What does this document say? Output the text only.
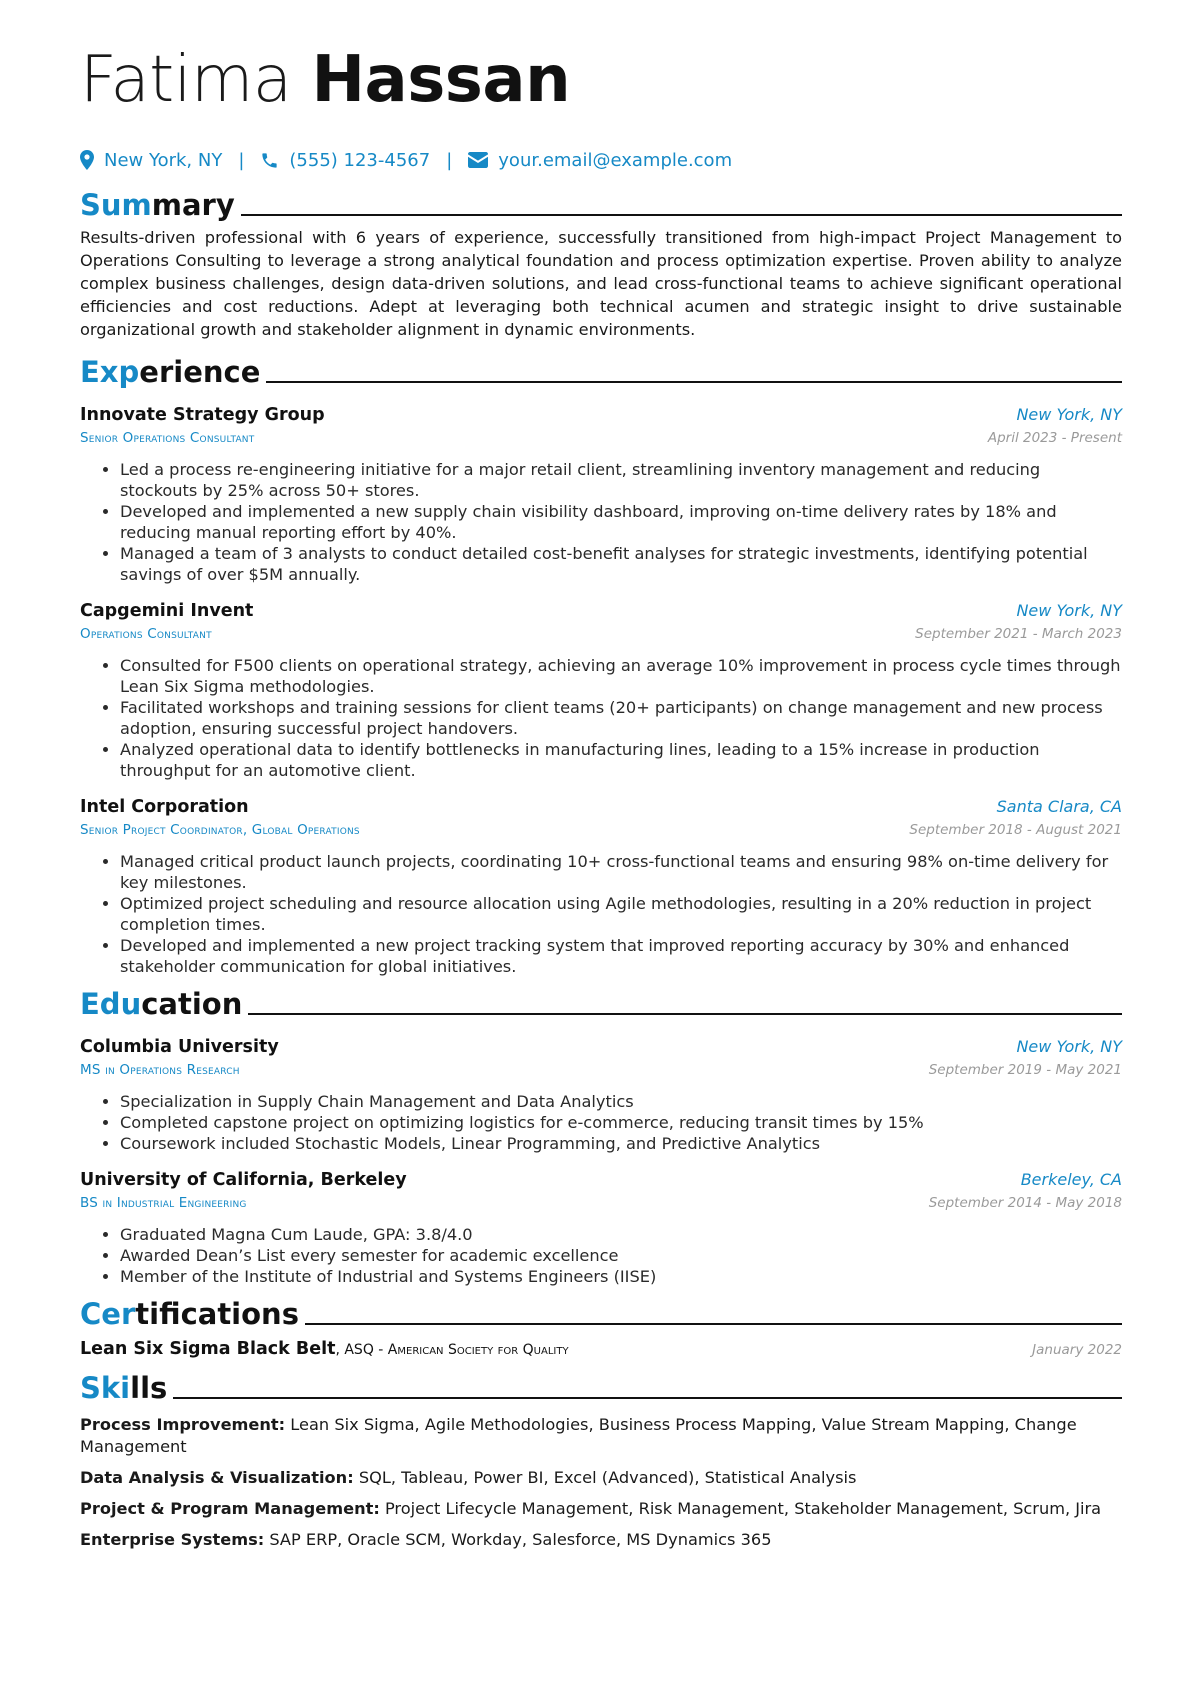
Fatima Hassan
New York, NY |	(555) 123-4567 |	your.email@example.com
Summary
Results-driven professional with 6 years of experience, successfully transitioned from high-impact Project Management to Operations Consulting to leverage a strong analytical foundation and process optimization expertise. Proven ability to analyze complex business challenges, design data-driven solutions, and lead cross-functional teams to achieve significant operational efficiencies and cost reductions. Adept at leveraging both technical acumen and strategic insight to drive sustainable organizational growth and stakeholder alignment in dynamic environments.
Experience
Innovate Strategy Group	New York, NY
Senior Operations Consultant	April 2023 - Present
• Led a process re-engineering initiative for a major retail client, streamlining inventory management and reducing stockouts by 25% across 50+ stores.
• Developed and implemented a new supply chain visibility dashboard, improving on-time delivery rates by 18% and reducing manual reporting effort by 40%.
• Managed a team of 3 analysts to conduct detailed cost-benefit analyses for strategic investments, identifying potential savings of over $5M annually.
Capgemini Invent	New York, NY
Operations Consultant	September 2021 - March 2023
• Consulted for F500 clients on operational strategy, achieving an average 10% improvement in process cycle times through Lean Six Sigma methodologies.
• Facilitated workshops and training sessions for client teams (20+ participants) on change management and new process adoption, ensuring successful project handovers.
• Analyzed operational data to identify bottlenecks in manufacturing lines, leading to a 15% increase in production throughput for an automotive client.
Intel Corporation	Santa Clara, CA
Senior Project Coordinator, Global Operations	September 2018 - August 2021
• Managed critical product launch projects, coordinating 10+ cross-functional teams and ensuring 98% on-time delivery for key milestones.
• Optimized project scheduling and resource allocation using Agile methodologies, resulting in a 20% reduction in project completion times.
• Developed and implemented a new project tracking system that improved reporting accuracy by 30% and enhanced stakeholder communication for global initiatives.
Education
Columbia University	New York, NY
MS in Operations Research	September 2019 - May 2021
• Specialization in Supply Chain Management and Data Analytics
• Completed capstone project on optimizing logistics for e-commerce, reducing transit times by 15%
• Coursework included Stochastic Models, Linear Programming, and Predictive Analytics
University of California, Berkeley	Berkeley, CA
BS in Industrial Engineering	September 2014 - May 2018
• Graduated Magna Cum Laude, GPA: 3.8/4.0
• Awarded Dean’s List every semester for academic excellence
• Member of the Institute of Industrial and Systems Engineers (IISE)
Certifications
Lean Six Sigma Black Belt, ASQ - American Society for Quality	January 2022
Skills
Process Improvement: Lean Six Sigma, Agile Methodologies, Business Process Mapping, Value Stream Mapping, Change Management
Data Analysis & Visualization: SQL, Tableau, Power BI, Excel (Advanced), Statistical Analysis
Project & Program Management: Project Lifecycle Management, Risk Management, Stakeholder Management, Scrum, Jira
Enterprise Systems: SAP ERP, Oracle SCM, Workday, Salesforce, MS Dynamics 365
